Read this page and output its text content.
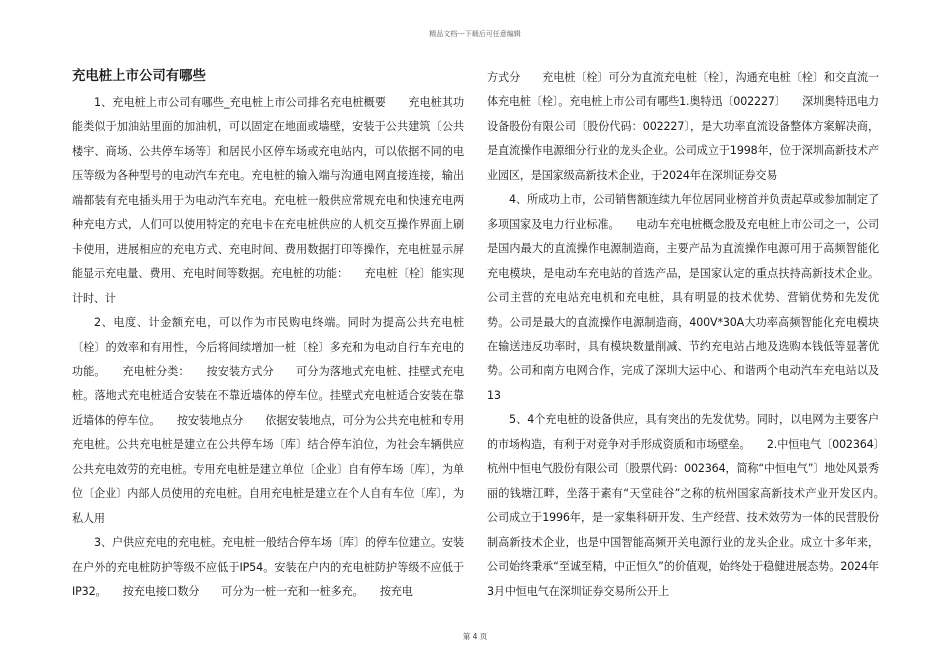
精品文档---下载后可任意编辑
充电桩上市公司有哪些

1、充电桩上市公司有哪些_充电桩上市公司排名充电桩概要　　充电桩其功能类似于加油站里面的加油机，可以固定在地面或墙壁，安装于公共建筑〔公共楼宇、商场、公共停车场等〕和居民小区停车场或充电站内，可以依据不同的电压等级为各种型号的电动汽车充电。充电桩的输入端与沟通电网直接连接，输出端都装有充电插头用于为电动汽车充电。充电桩一般供应常规充电和快速充电两种充电方式，人们可以使用特定的充电卡在充电桩供应的人机交互操作界面上刷卡使用，进展相应的充电方式、充电时间、费用数据打印等操作，充电桩显示屏能显示充电量、费用、充电时间等数据。充电桩的功能：　　充电桩〔栓〕能实现计时、计

2、电度、计金额充电，可以作为市民购电终端。同时为提高公共充电桩〔栓〕的效率和有用性，今后将间续增加一桩〔栓〕多充和为电动自行车充电的功能。　　充电桩分类：　　按安装方式分　　可分为落地式充电桩、挂壁式充电桩。落地式充电桩适合安装在不靠近墙体的停车位。挂壁式充电桩适合安装在靠近墙体的停车位。　　按安装地点分　　依据安装地点，可分为公共充电桩和专用充电桩。公共充电桩是建立在公共停车场〔库〕结合停车泊位，为社会车辆供应公共充电效劳的充电桩。专用充电桩是建立单位〔企业〕自有停车场〔库〕，为单位〔企业〕内部人员使用的充电桩。自用充电桩是建立在个人自有车位〔库〕，为私人用

3、户供应充电的充电桩。充电桩一般结合停车场〔库〕的停车位建立。安装在户外的充电桩防护等级不应低于IP54。安装在户内的充电桩防护等级不应低于IP32。　　按充电接口数分　　可分为一桩一充和一桩多充。　　按充电

方式分　　充电桩〔栓〕可分为直流充电桩〔栓〕，沟通充电桩〔栓〕和交直流一体充电桩〔栓〕。充电桩上市公司有哪些1.奥特迅〔002227〕　　深圳奥特迅电力设备股份有限公司〔股份代码：002227〕，是大功率直流设备整体方案解决商，是直流操作电源细分行业的龙头企业。公司成立于1998年，位于深圳高新技术产业园区，是国家级高新技术企业，于2024年在深圳证券交易

4、所成功上市，公司销售额连续九年位居同业榜首并负责起草或参加制定了多项国家及电力行业标准。　　电动车充电桩概念股及充电桩上市公司之一，公司是国内最大的直流操作电源制造商，主要产品为直流操作电源可用于高频智能化充电模块，是电动车充电站的首选产品，是国家认定的重点扶持高新技术企业。公司主营的充电站充电机和充电桩，具有明显的技术优势、营销优势和先发优势。公司是最大的直流操作电源制造商，400V*30A大功率高频智能化充电模块在输送违反功率时，具有模块数量削减、节约充电站占地及选购本钱低等显著优势。公司和南方电网合作，完成了深圳大运中心、和谐两个电动汽车充电站以及13

5、4个充电桩的设备供应，具有突出的先发优势。同时，以电网为主要客户的市场构造，有利于对竞争对手形成资质和市场壁垒。　　2.中恒电气〔002364〕　　杭州中恒电气股份有限公司〔股票代码：002364，简称“中恒电气”〕地处风景秀丽的钱塘江畔，坐落于素有“天堂硅谷”之称的杭州国家高新技术产业开发区内。　　公司成立于1996年，是一家集科研开发、生产经营、技术效劳为一体的民营股份制高新技术企业，也是中国智能高频开关电源行业的龙头企业。成立十多年来，公司始终秉承“至诚至精，中正恒久”的价值观，始终处于稳健进展态势。2024年3月中恒电气在深圳证券交易所公开上

第 4 页
